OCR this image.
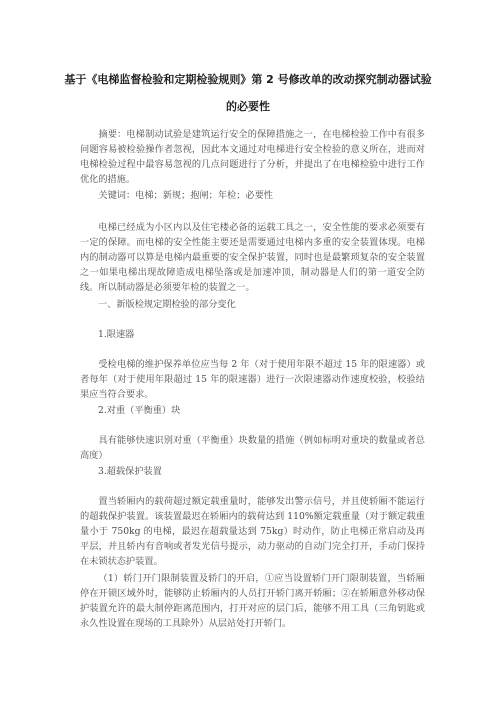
基于《电梯监督检验和定期检验规则》第 2 号修改单的改动探究制动器试验的必要性

摘要：电梯制动试验是建筑运行安全的保障措施之一，在电梯检验工作中有很多问题容易被检验操作者忽视，因此本文通过对电梯进行安全检验的意义所在，进而对电梯检验过程中最容易忽视的几点问题进行了分析，并提出了在电梯检验中进行工作优化的措施。

关键词：电梯；新规；抱闸；年检；必要性

电梯已经成为小区内以及住宅楼必备的运载工具之一，安全性能的要求必须要有一定的保障。而电梯的安全性能主要还是需要通过电梯内多重的安全装置体现。电梯内的制动器可以算是电梯内最重要的安全保护装置，同时也是最繁琐复杂的安全装置之一如果电梯出现故障造成电梯坠落或是加速冲顶，制动器是人们的第一道安全防线。所以制动器是必须要年检的装置之一。

一、新版检规定期检验的部分变化

1.限速器

受检电梯的维护保养单位应当每 2 年（对于使用年限不超过 15 年的限速器）或者每年（对于使用年限超过 15 年的限速器）进行一次限速器动作速度校验，校验结果应当符合要求。

2.对重（平衡重）块

具有能够快速识别对重（平衡重）块数量的措施（例如标明对重块的数量或者总高度）

3.超载保护装置

置当轿厢内的载荷超过额定载重量时，能够发出警示信号，并且使轿厢不能运行的超载保护装置。该装置最迟在轿厢内的载荷达到 110%额定载重量（对于额定载重量小于 750kg 的电梯，最迟在超载量达到 75kg）时动作，防止电梯正常启动及再平层，并且轿内有音响或者发光信号提示，动力驱动的自动门完全打开，手动门保持在未锁状态护装置。

（1）轿门开门限制装置及轿门的开启，①应当设置轿门开门限制装置，当轿厢停在开锁区域外时，能够防止轿厢内的人员打开轿门离开轿厢；②在轿厢意外移动保护装置允许的最大制停距离范围内，打开对应的层门后，能够不用工具（三角钥匙或永久性设置在现场的工具除外）从层站处打开轿门。
